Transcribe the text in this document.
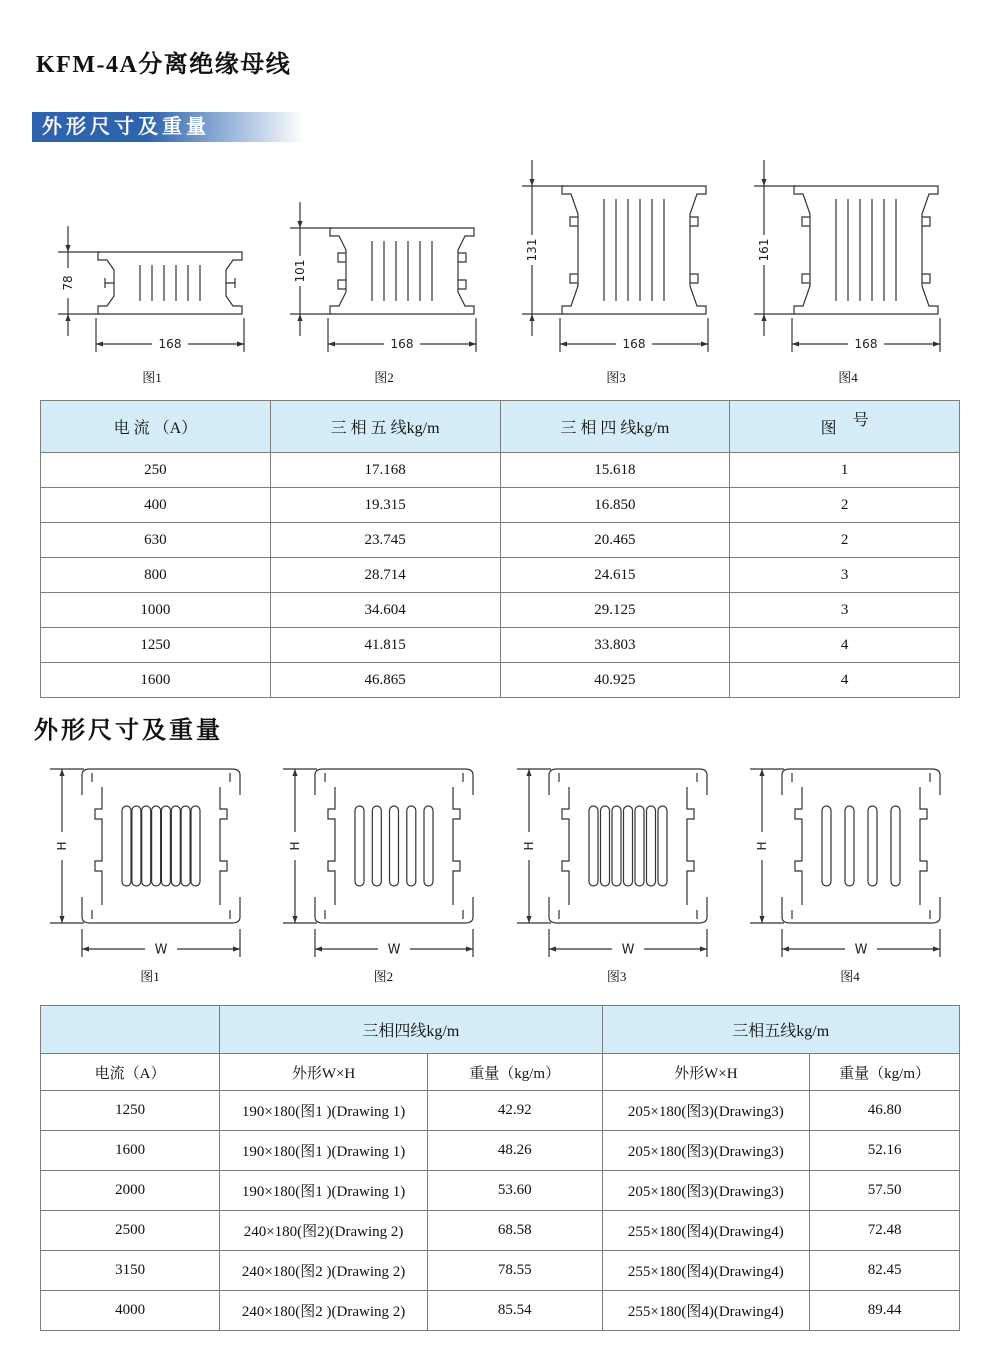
KFM-4A分离绝缘母线
外形尺寸及重量
78
168
图1
101
168
图2
131
168
图3
161
168
图4
电 流 （A）	三 相 五 线kg/m	三 相 四 线kg/m	图 号
250	17.168	15.618	1
400	19.315	16.850	2
630	23.745	20.465	2
800	28.714	24.615	3
1000	34.604	29.125	3
1250	41.815	33.803	4
1600	46.865	40.925	4
外形尺寸及重量
H
W
图1
H
W
图2
H
W
图3
H
W
图4
	三相四线kg/m		三相五线kg/m	
电流（A）	外形W×H	重量（kg/m）	外形W×H	重量（kg/m）
1250	190×180(图1 )(Drawing 1)	42.92	205×180(图3)(Drawing3)	46.80
1600	190×180(图1 )(Drawing 1)	48.26	205×180(图3)(Drawing3)	52.16
2000	190×180(图1 )(Drawing 1)	53.60	205×180(图3)(Drawing3)	57.50
2500	240×180(图2)(Drawing 2)	68.58	255×180(图4)(Drawing4)	72.48
3150	240×180(图2 )(Drawing 2)	78.55	255×180(图4)(Drawing4)	82.45
4000	240×180(图2 )(Drawing 2)	85.54	255×180(图4)(Drawing4)	89.44
